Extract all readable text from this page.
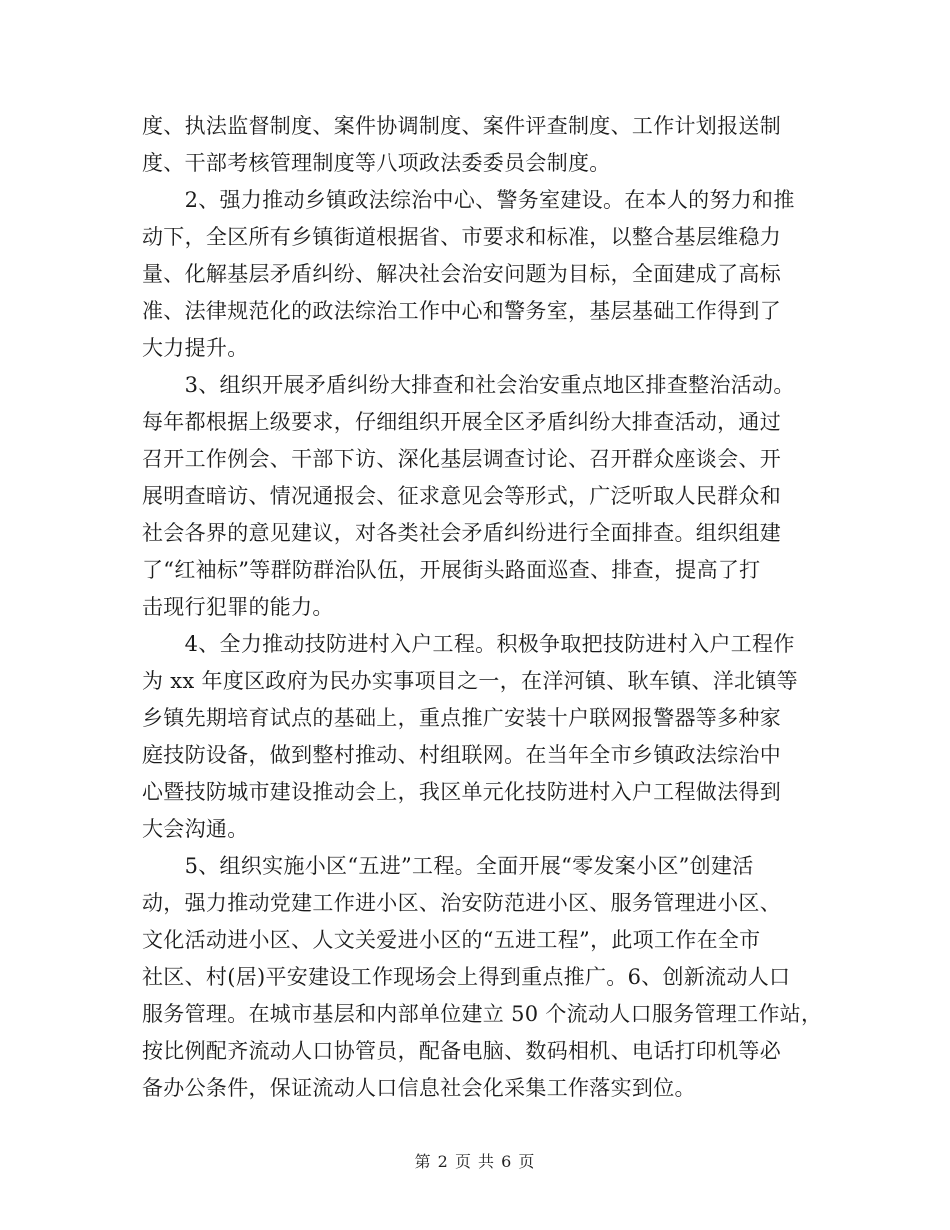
度、执法监督制度、案件协调制度、案件评查制度、工作计划报送制
度、干部考核管理制度等八项政法委委员会制度。
　　2、强力推动乡镇政法综治中心、警务室建设。在本人的努力和推
动下，全区所有乡镇街道根据省、市要求和标准，以整合基层维稳力
量、化解基层矛盾纠纷、解决社会治安问题为目标，全面建成了高标
准、法律规范化的政法综治工作中心和警务室，基层基础工作得到了
大力提升。
　　3、组织开展矛盾纠纷大排查和社会治安重点地区排查整治活动。
每年都根据上级要求，仔细组织开展全区矛盾纠纷大排查活动，通过
召开工作例会、干部下访、深化基层调查讨论、召开群众座谈会、开
展明查暗访、情况通报会、征求意见会等形式，广泛听取人民群众和
社会各界的意见建议，对各类社会矛盾纠纷进行全面排查。组织组建
了“红袖标”等群防群治队伍，开展街头路面巡查、排查，提高了打
击现行犯罪的能力。
　　4、全力推动技防进村入户工程。积极争取把技防进村入户工程作
为 xx 年度区政府为民办实事项目之一，在洋河镇、耿车镇、洋北镇等
乡镇先期培育试点的基础上，重点推广安装十户联网报警器等多种家
庭技防设备，做到整村推动、村组联网。在当年全市乡镇政法综治中
心暨技防城市建设推动会上，我区单元化技防进村入户工程做法得到
大会沟通。
　　5、组织实施小区“五进”工程。全面开展“零发案小区”创建活
动，强力推动党建工作进小区、治安防范进小区、服务管理进小区、
文化活动进小区、人文关爱进小区的“五进工程”，此项工作在全市
社区、村(居)平安建设工作现场会上得到重点推广。6、创新流动人口
服务管理。在城市基层和内部单位建立 50 个流动人口服务管理工作站，
按比例配齐流动人口协管员，配备电脑、数码相机、电话打印机等必
备办公条件，保证流动人口信息社会化采集工作落实到位。
第 2 页 共 6 页
